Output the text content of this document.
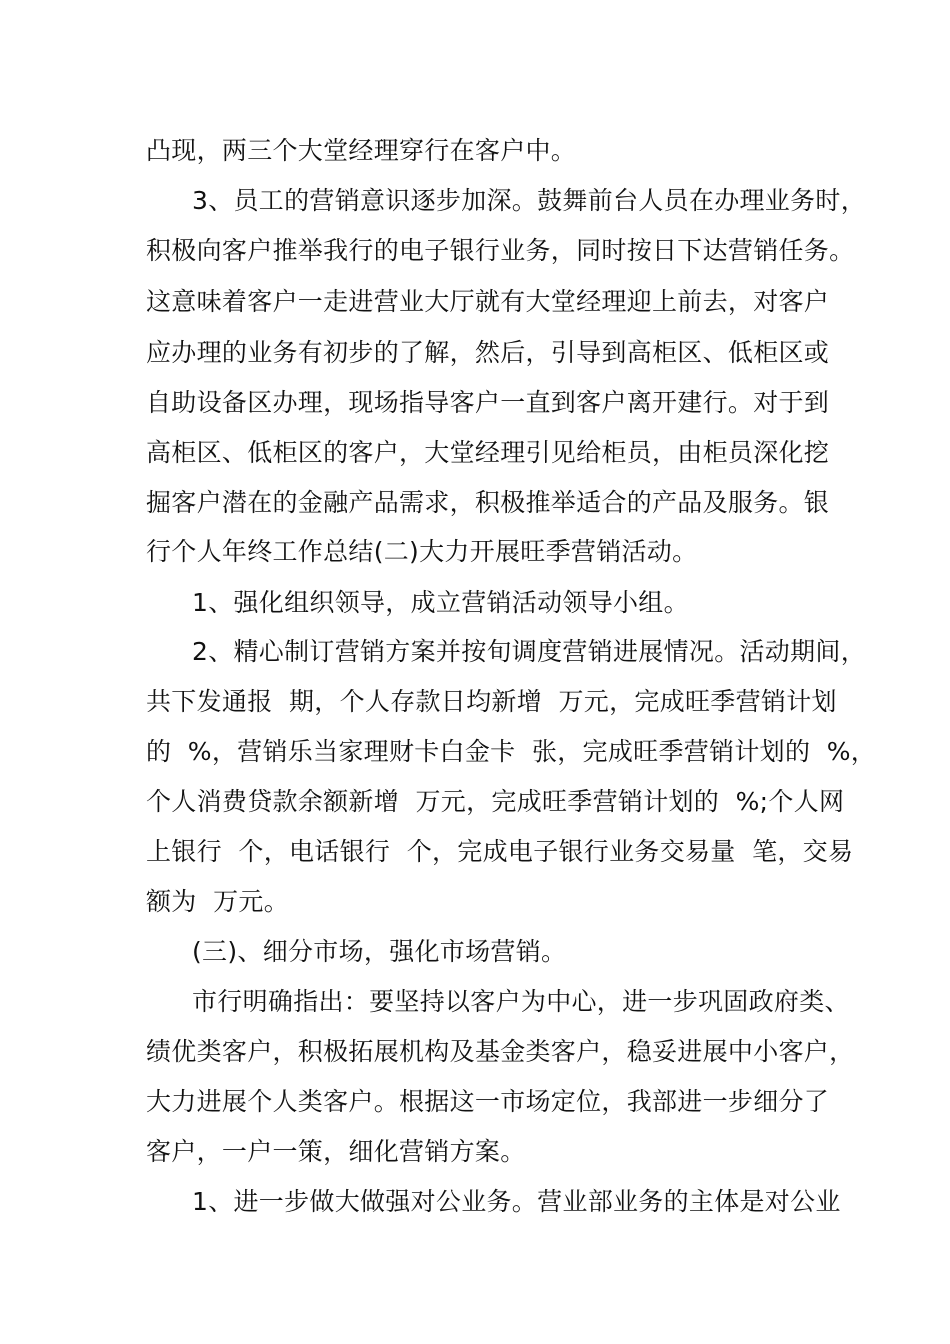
凸现，两三个大堂经理穿行在客户中。
3、员工的营销意识逐步加深。鼓舞前台人员在办理业务时，
积极向客户推举我行的电子银行业务，同时按日下达营销任务。
这意味着客户一走进营业大厅就有大堂经理迎上前去，对客户
应办理的业务有初步的了解，然后，引导到高柜区、低柜区或
自助设备区办理，现场指导客户一直到客户离开建行。对于到
高柜区、低柜区的客户，大堂经理引见给柜员，由柜员深化挖
掘客户潜在的金融产品需求，积极推举适合的产品及服务。银
行个人年终工作总结(二)大力开展旺季营销活动。
1、强化组织领导，成立营销活动领导小组。
2、精心制订营销方案并按旬调度营销进展情况。活动期间，
共下发通报  期，个人存款日均新增  万元，完成旺季营销计划
的  %，营销乐当家理财卡白金卡  张，完成旺季营销计划的  %，
个人消费贷款余额新增  万元，完成旺季营销计划的  %;个人网
上银行  个，电话银行  个，完成电子银行业务交易量  笔，交易
额为  万元。
(三)、细分市场，强化市场营销。
市行明确指出：要坚持以客户为中心，进一步巩固政府类、
绩优类客户，积极拓展机构及基金类客户，稳妥进展中小客户，
大力进展个人类客户。根据这一市场定位，我部进一步细分了
客户，一户一策，细化营销方案。
1、进一步做大做强对公业务。营业部业务的主体是对公业
